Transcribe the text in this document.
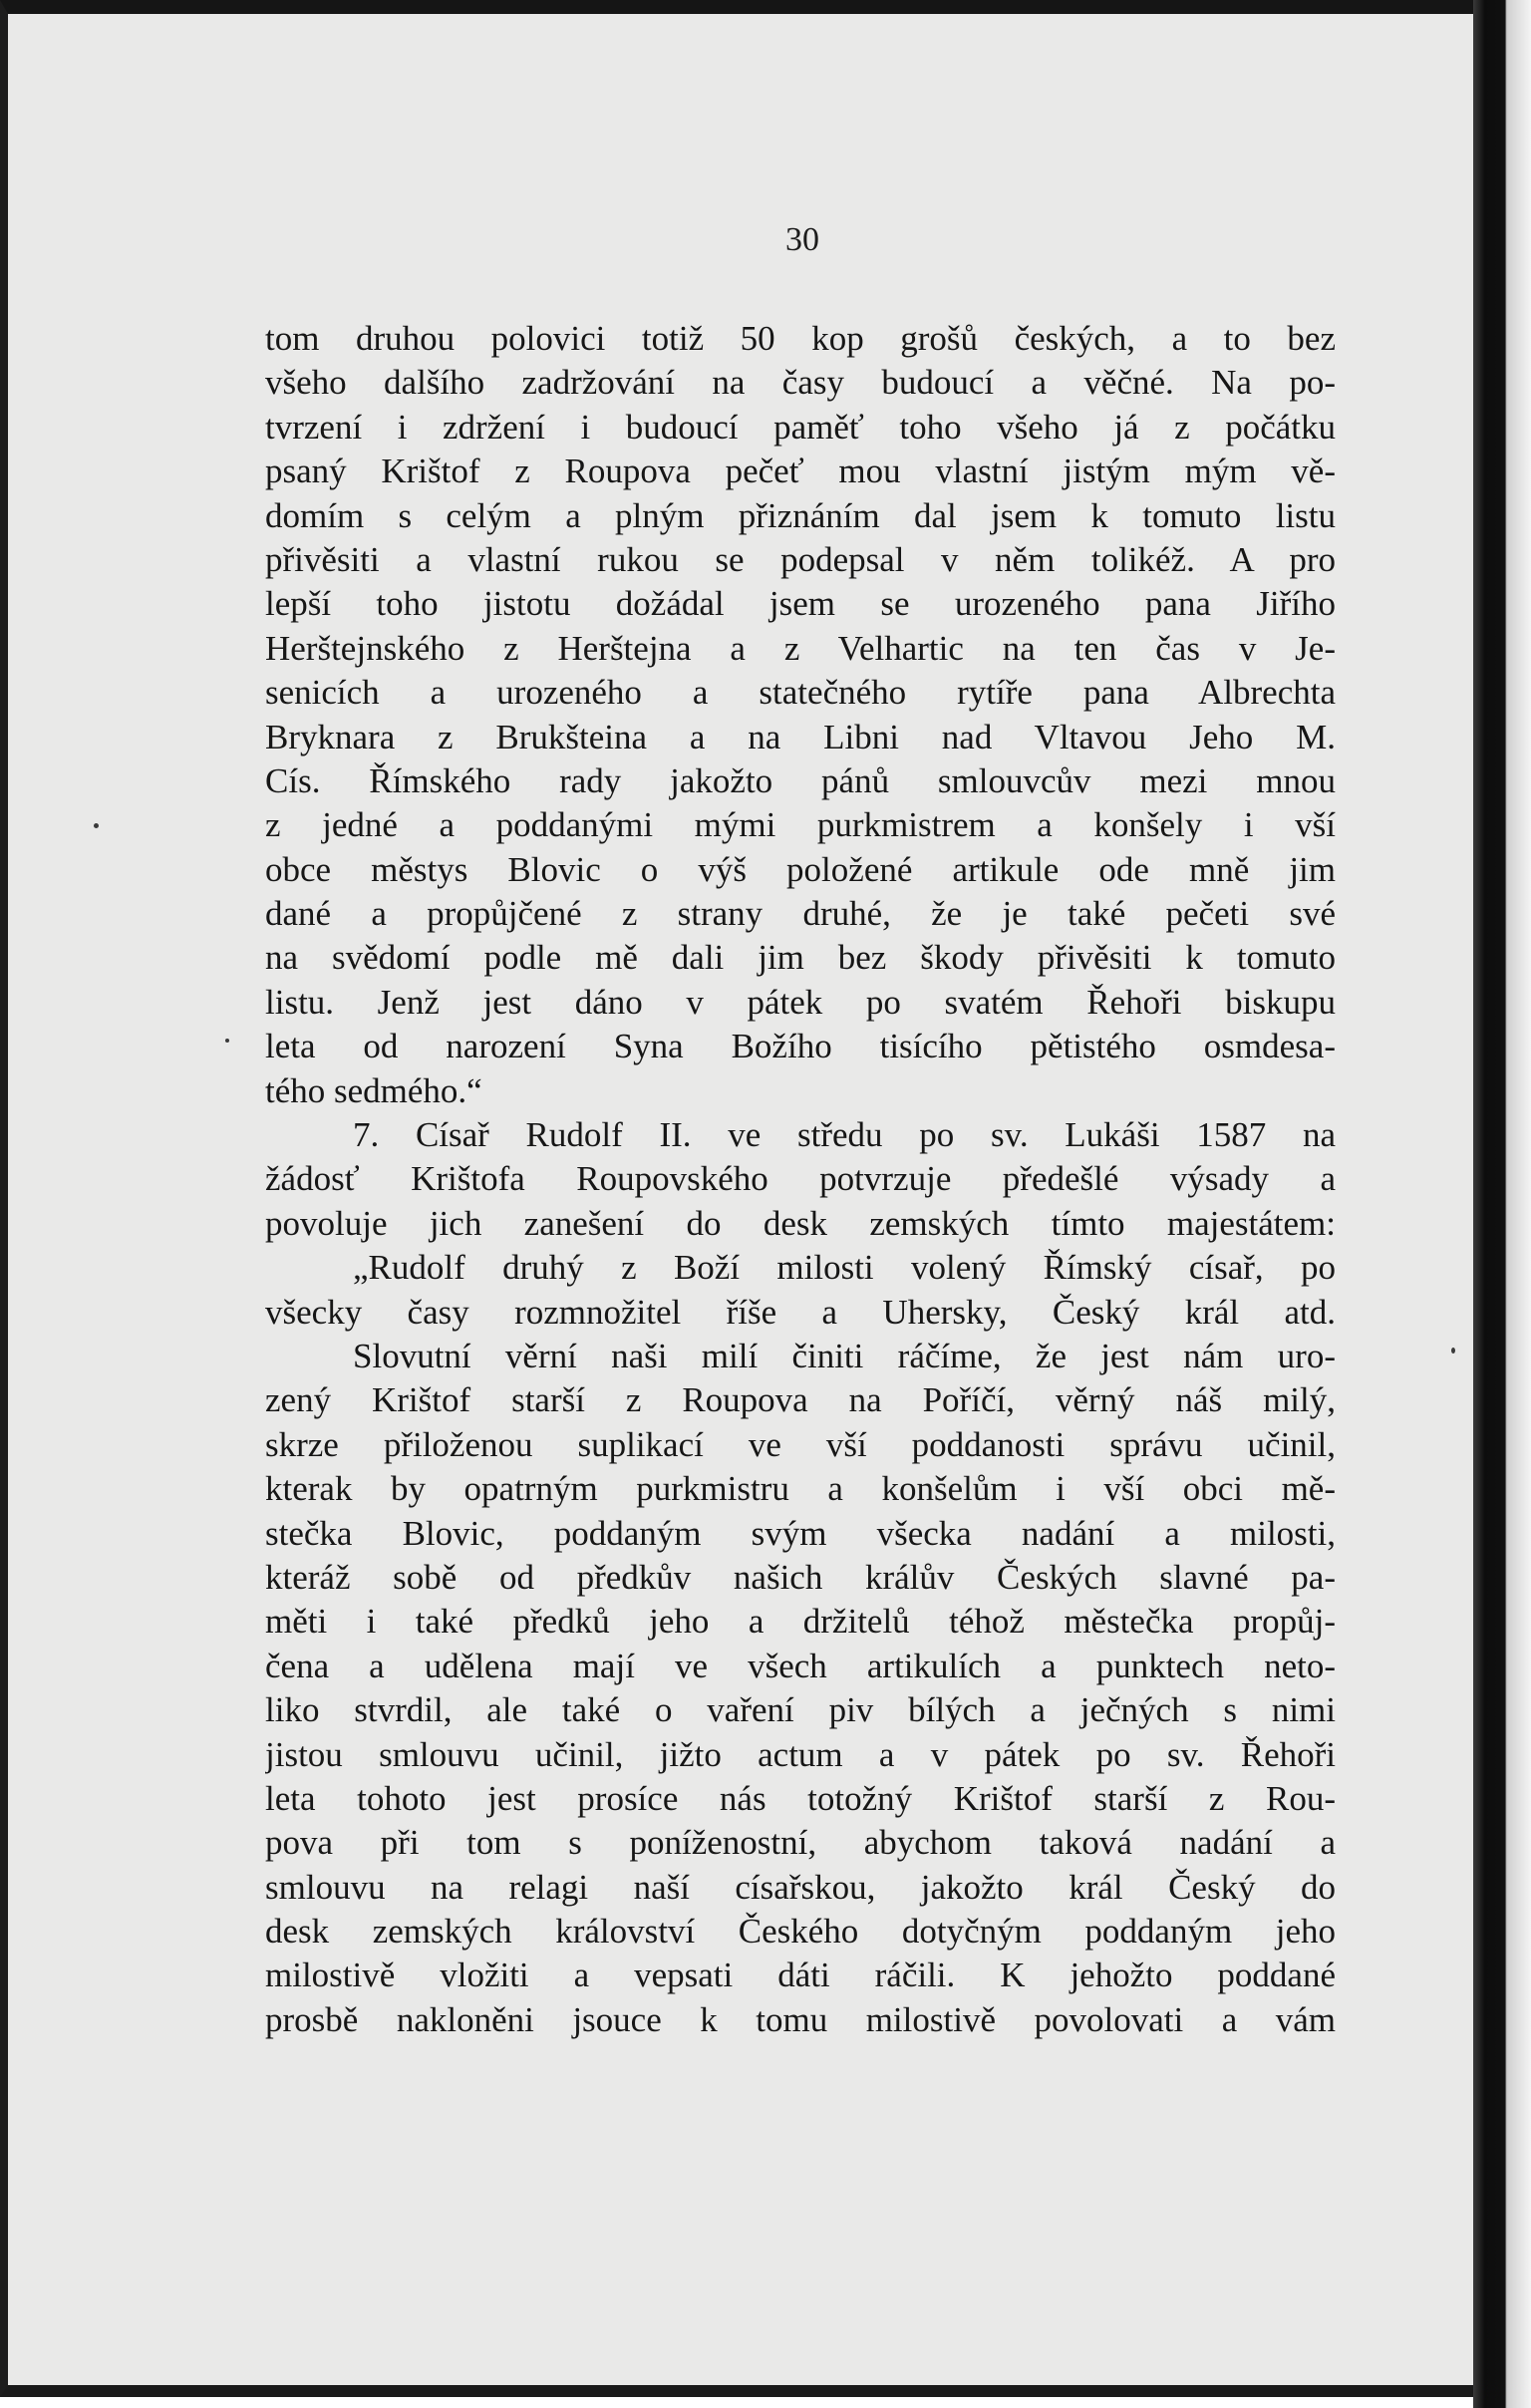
30
tom druhou polovici totiž 50 kop grošů českých, a to bez
všeho dalšího zadržování na časy budoucí a věčné. Na po-
tvrzení i zdržení i budoucí paměť toho všeho já z počátku
psaný Krištof z Roupova pečeť mou vlastní jistým mým vě-
domím s celým a plným přiznáním dal jsem k tomuto listu
přivěsiti a vlastní rukou se podepsal v něm tolikéž. A pro
lepší toho jistotu dožádal jsem se urozeného pana Jiřího
Herštejnského z Herštejna a z Velhartic na ten čas v Je-
senicích a urozeného a statečného rytíře pana Albrechta
Bryknara z Brukšteina a na Libni nad Vltavou Jeho M.
Cís. Římského rady jakožto pánů smlouvcův mezi mnou
z jedné a poddanými mými purkmistrem a konšely i vší
obce městys Blovic o výš položené artikule ode mně jim
dané a propůjčené z strany druhé, že je také pečeti své
na svědomí podle mě dali jim bez škody přivěsiti k tomuto
listu. Jenž jest dáno v pátek po svatém Řehoři biskupu
leta od narození Syna Božího tisícího pětistého osmdesa-
tého sedmého.“
7. Císař Rudolf II. ve středu po sv. Lukáši 1587 na
žádosť Krištofa Roupovského potvrzuje předešlé výsady a
povoluje jich zanešení do desk zemských tímto majestátem:
„Rudolf druhý z Boží milosti volený Římský císař, po
všecky časy rozmnožitel říše a Uhersky, Český král atd.
Slovutní věrní naši milí činiti ráčíme, že jest nám uro-
zený Krištof starší z Roupova na Poříčí, věrný náš milý,
skrze přiloženou suplikací ve vší poddanosti správu učinil,
kterak by opatrným purkmistru a konšelům i vší obci mě-
stečka Blovic, poddaným svým všecka nadání a milosti,
kteráž sobě od předkův našich králův Českých slavné pa-
měti i také předků jeho a držitelů téhož městečka propůj-
čena a udělena mají ve všech artikulích a punktech neto-
liko stvrdil, ale také o vaření piv bílých a ječných s nimi
jistou smlouvu učinil, jižto actum a v pátek po sv. Řehoři
leta tohoto jest prosíce nás totožný Krištof starší z Rou-
pova při tom s poníženostní, abychom taková nadání a
smlouvu na relagi naší císařskou, jakožto král Český do
desk zemských království Českého dotyčným poddaným jeho
milostivě vložiti a vepsati dáti ráčili. K jehožto poddané
prosbě nakloněni jsouce k tomu milostivě povolovati a vám
